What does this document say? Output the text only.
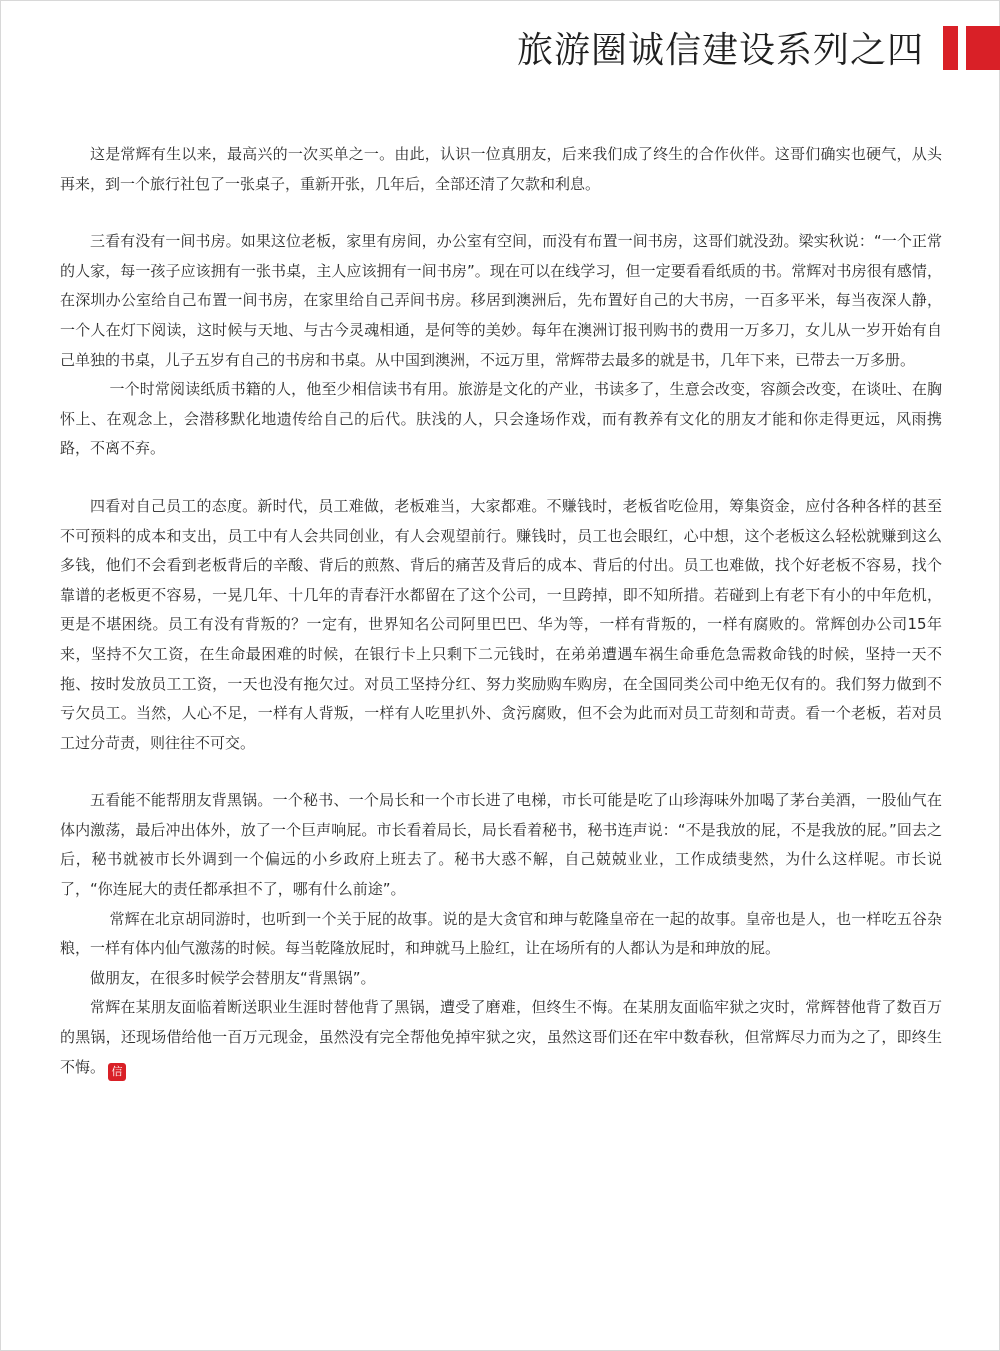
旅游圈诚信建设系列之四

这是常辉有生以来，最高兴的一次买单之一。由此，认识一位真朋友，后来我们成了终生的合作伙伴。这哥们确实也硬气，从头再来，到一个旅行社包了一张桌子，重新开张，几年后，全部还清了欠款和利息。

三看有没有一间书房。如果这位老板，家里有房间，办公室有空间，而没有布置一间书房，这哥们就没劲。梁实秋说：“一个正常的人家，每一孩子应该拥有一张书桌，主人应该拥有一间书房”。现在可以在线学习，但一定要看看纸质的书。常辉对书房很有感情，在深圳办公室给自己布置一间书房，在家里给自己弄间书房。移居到澳洲后，先布置好自己的大书房，一百多平米，每当夜深人静，一个人在灯下阅读，这时候与天地、与古今灵魂相通，是何等的美妙。每年在澳洲订报刊购书的费用一万多刀，女儿从一岁开始有自己单独的书桌，儿子五岁有自己的书房和书桌。从中国到澳洲，不远万里，常辉带去最多的就是书，几年下来，已带去一万多册。

一个时常阅读纸质书籍的人，他至少相信读书有用。旅游是文化的产业，书读多了，生意会改变，容颜会改变，在谈吐、在胸怀上、在观念上，会潜移默化地遗传给自己的后代。肤浅的人，只会逢场作戏，而有教养有文化的朋友才能和你走得更远，风雨携路，不离不弃。

四看对自己员工的态度。新时代，员工难做，老板难当，大家都难。不赚钱时，老板省吃俭用，筹集资金，应付各种各样的甚至不可预料的成本和支出，员工中有人会共同创业，有人会观望前行。赚钱时，员工也会眼红，心中想，这个老板这么轻松就赚到这么多钱，他们不会看到老板背后的辛酸、背后的煎熬、背后的痛苦及背后的成本、背后的付出。员工也难做，找个好老板不容易，找个靠谱的老板更不容易，一晃几年、十几年的青春汗水都留在了这个公司，一旦跨掉，即不知所措。若碰到上有老下有小的中年危机，更是不堪困绕。员工有没有背叛的？一定有，世界知名公司阿里巴巴、华为等，一样有背叛的，一样有腐败的。常辉创办公司15年来，坚持不欠工资，在生命最困难的时候，在银行卡上只剩下二元钱时，在弟弟遭遇车祸生命垂危急需救命钱的时候，坚持一天不拖、按时发放员工工资，一天也没有拖欠过。对员工坚持分红、努力奖励购车购房，在全国同类公司中绝无仅有的。我们努力做到不亏欠员工。当然，人心不足，一样有人背叛，一样有人吃里扒外、贪污腐败，但不会为此而对员工苛刻和苛责。看一个老板，若对员工过分苛责，则往往不可交。

五看能不能帮朋友背黑锅。一个秘书、一个局长和一个市长进了电梯，市长可能是吃了山珍海味外加喝了茅台美酒，一股仙气在体内激荡，最后冲出体外，放了一个巨声响屁。市长看着局长，局长看着秘书，秘书连声说：“不是我放的屁，不是我放的屁。”回去之后，秘书就被市长外调到一个偏远的小乡政府上班去了。秘书大惑不解，自己兢兢业业，工作成绩斐然，为什么这样呢。市长说了，“你连屁大的责任都承担不了，哪有什么前途”。

常辉在北京胡同游时，也听到一个关于屁的故事。说的是大贪官和珅与乾隆皇帝在一起的故事。皇帝也是人，也一样吃五谷杂粮，一样有体内仙气激荡的时候。每当乾隆放屁时，和珅就马上脸红，让在场所有的人都认为是和珅放的屁。

做朋友，在很多时候学会替朋友“背黑锅”。

常辉在某朋友面临着断送职业生涯时替他背了黑锅，遭受了磨难，但终生不悔。在某朋友面临牢狱之灾时，常辉替他背了数百万的黑锅，还现场借给他一百万元现金，虽然没有完全帮他免掉牢狱之灾，虽然这哥们还在牢中数春秋，但常辉尽力而为之了，即终生不悔。 信
